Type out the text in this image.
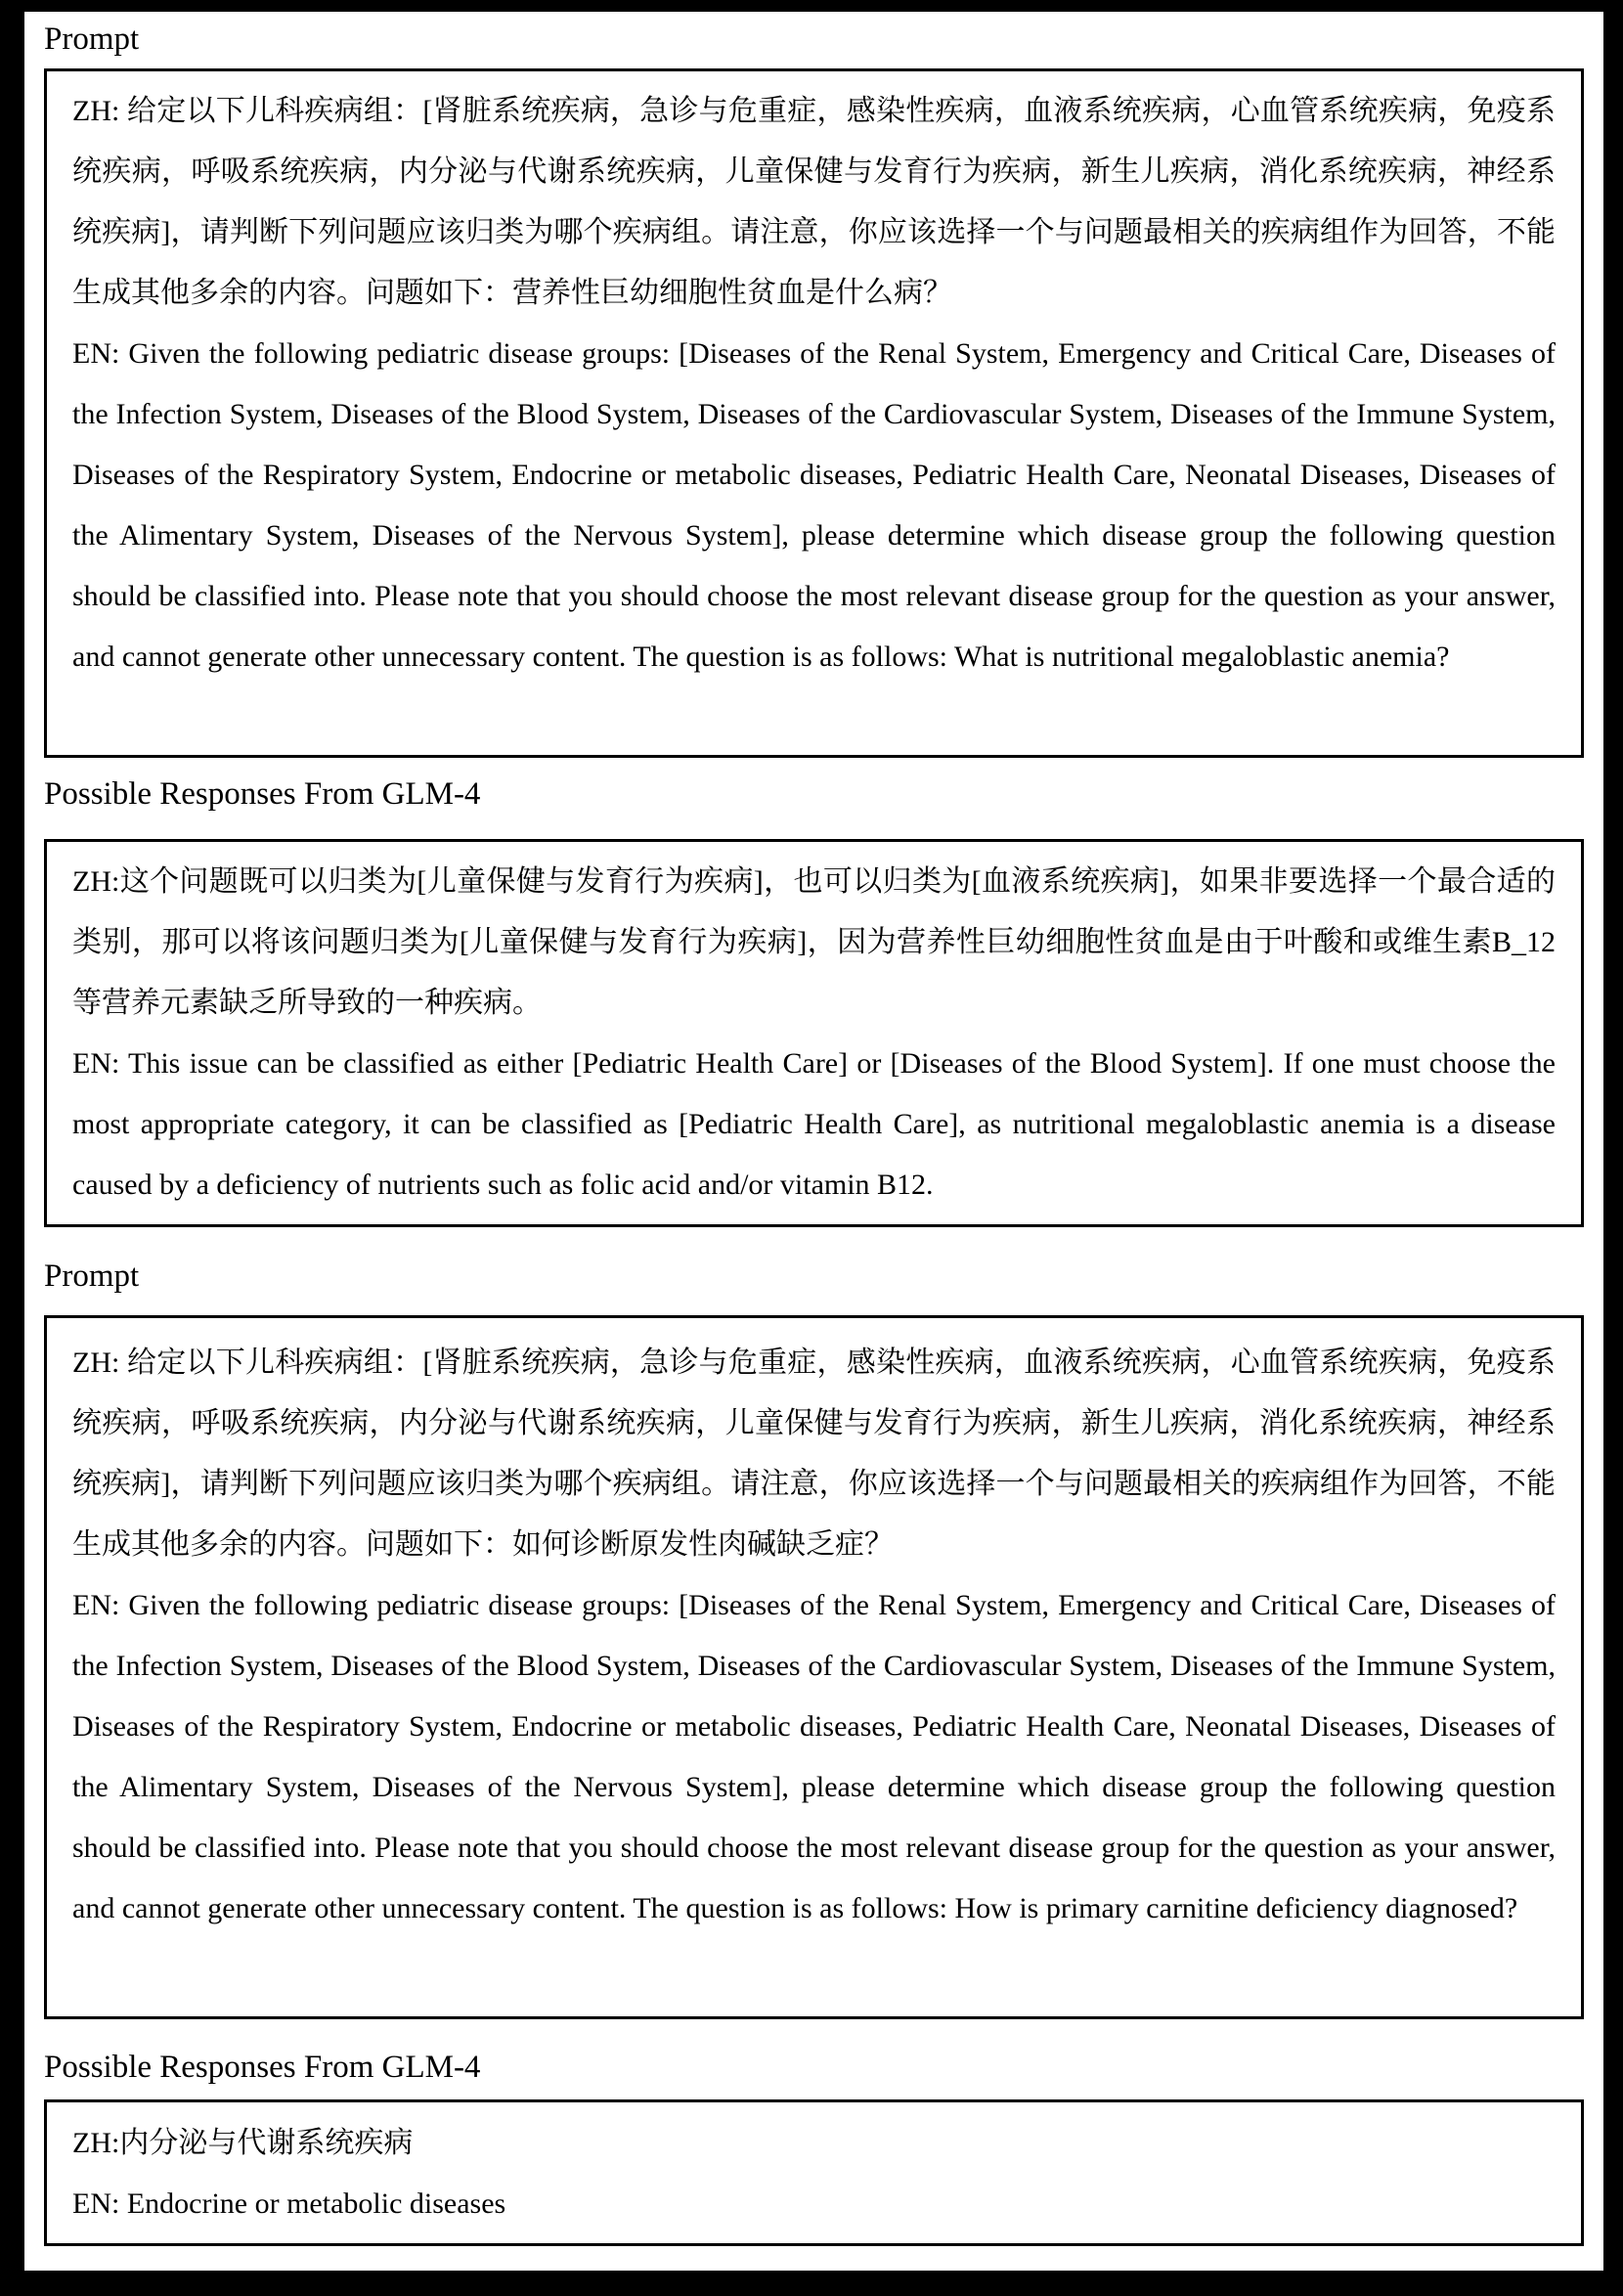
Prompt

ZH: 给定以下儿科疾病组：[肾脏系统疾病，急诊与危重症，感染性疾病，血液系统疾病，心血管系统疾病，免疫系统疾病，呼吸系统疾病，内分泌与代谢系统疾病，儿童保健与发育行为疾病，新生儿疾病，消化系统疾病，神经系统疾病]，请判断下列问题应该归类为哪个疾病组。请注意，你应该选择一个与问题最相关的疾病组作为回答，不能生成其他多余的内容。问题如下：营养性巨幼细胞性贫血是什么病？

EN: Given the following pediatric disease groups: [Diseases of the Renal System, Emergency and Critical Care, Diseases of the Infection System, Diseases of the Blood System, Diseases of the Cardiovascular System, Diseases of the Immune System, Diseases of the Respiratory System, Endocrine or metabolic diseases, Pediatric Health Care, Neonatal Diseases, Diseases of the Alimentary System, Diseases of the Nervous System], please determine which disease group the following question should be classified into. Please note that you should choose the most relevant disease group for the question as your answer, and cannot generate other unnecessary content. The question is as follows: What is nutritional megaloblastic anemia?

Possible Responses From GLM-4

ZH:这个问题既可以归类为[儿童保健与发育行为疾病]，也可以归类为[血液系统疾病]，如果非要选择一个最合适的类别，那可以将该问题归类为[儿童保健与发育行为疾病]，因为营养性巨幼细胞性贫血是由于叶酸和或维生素B_12 等营养元素缺乏所导致的一种疾病。

EN: This issue can be classified as either [Pediatric Health Care] or [Diseases of the Blood System]. If one must choose the most appropriate category, it can be classified as [Pediatric Health Care], as nutritional megaloblastic anemia is a disease caused by a deficiency of nutrients such as folic acid and/or vitamin B12.

Prompt

ZH: 给定以下儿科疾病组：[肾脏系统疾病，急诊与危重症，感染性疾病，血液系统疾病，心血管系统疾病，免疫系统疾病，呼吸系统疾病，内分泌与代谢系统疾病，儿童保健与发育行为疾病，新生儿疾病，消化系统疾病，神经系统疾病]，请判断下列问题应该归类为哪个疾病组。请注意，你应该选择一个与问题最相关的疾病组作为回答，不能生成其他多余的内容。问题如下：如何诊断原发性肉碱缺乏症？

EN: Given the following pediatric disease groups: [Diseases of the Renal System, Emergency and Critical Care, Diseases of the Infection System, Diseases of the Blood System, Diseases of the Cardiovascular System, Diseases of the Immune System, Diseases of the Respiratory System, Endocrine or metabolic diseases, Pediatric Health Care, Neonatal Diseases, Diseases of the Alimentary System, Diseases of the Nervous System], please determine which disease group the following question should be classified into. Please note that you should choose the most relevant disease group for the question as your answer, and cannot generate other unnecessary content. The question is as follows: How is primary carnitine deficiency diagnosed?

Possible Responses From GLM-4

ZH:内分泌与代谢系统疾病

EN: Endocrine or metabolic diseases
